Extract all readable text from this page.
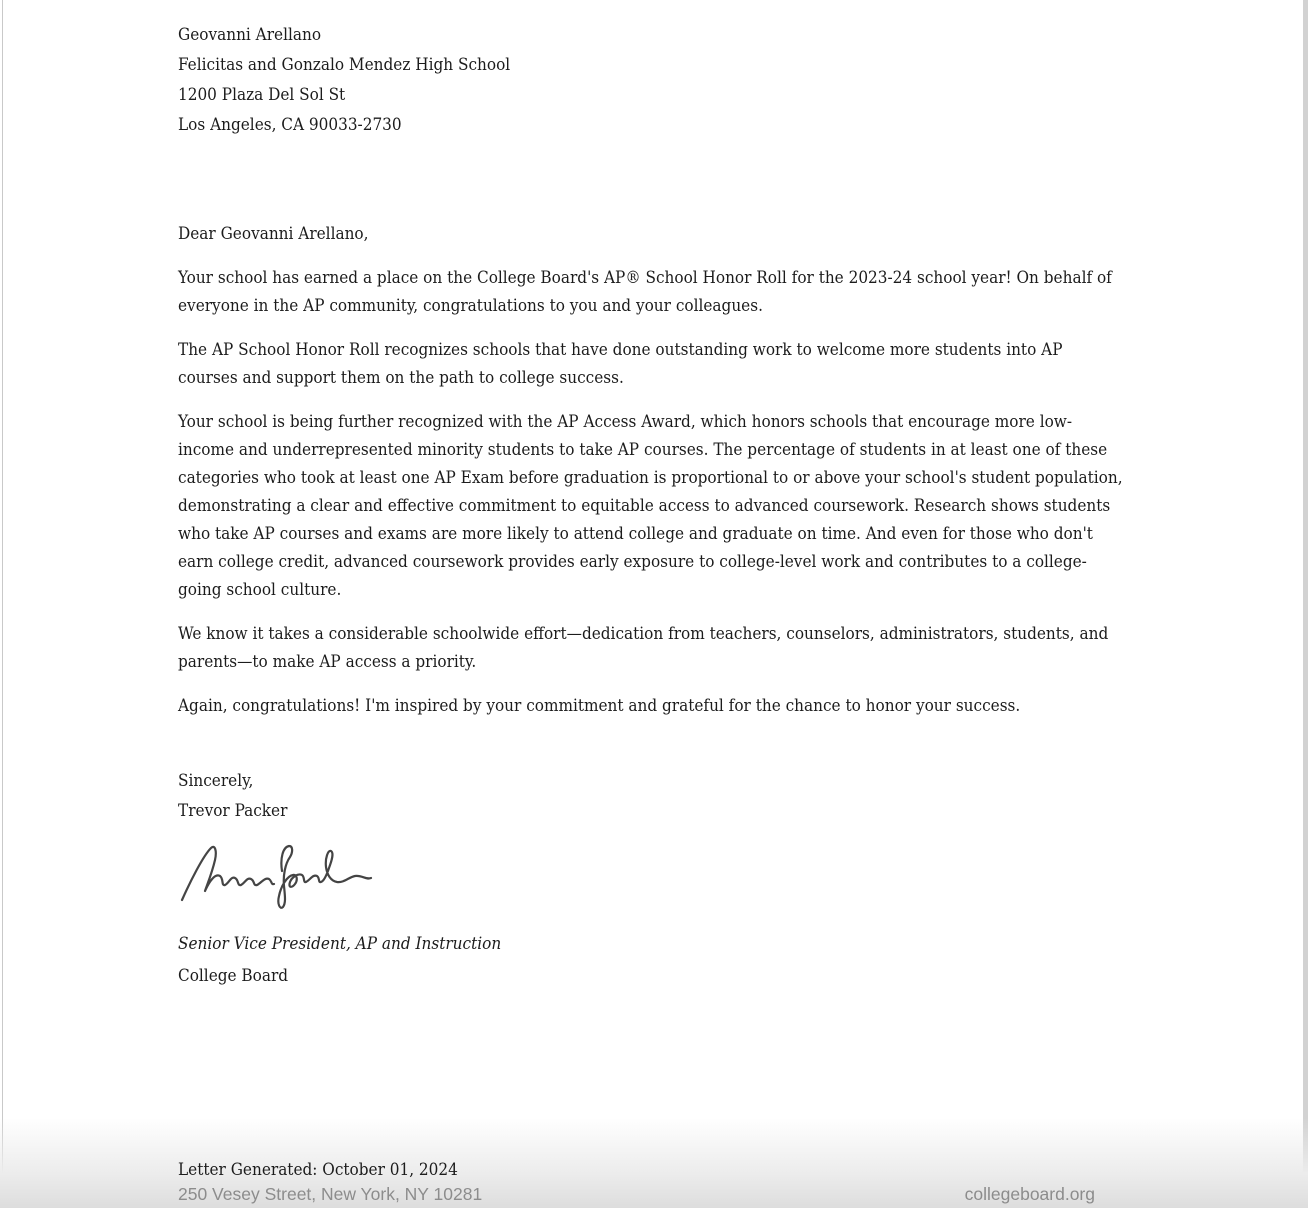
Geovanni Arellano
Felicitas and Gonzalo Mendez High School
1200 Plaza Del Sol St
Los Angeles, CA 90033-2730
Dear Geovanni Arellano,

Your school has earned a place on the College Board's AP® School Honor Roll for the 2023-24 school year! On behalf of everyone in the AP community, congratulations to you and your colleagues.

The AP School Honor Roll recognizes schools that have done outstanding work to welcome more students into AP courses and support them on the path to college success.

Your school is being further recognized with the AP Access Award, which honors schools that encourage more low-income and underrepresented minority students to take AP courses. The percentage of students in at least one of these categories who took at least one AP Exam before graduation is proportional to or above your school's student population, demonstrating a clear and effective commitment to equitable access to advanced coursework. Research shows students who take AP courses and exams are more likely to attend college and graduate on time. And even for those who don't earn college credit, advanced coursework provides early exposure to college-level work and contributes to a college-going school culture.

We know it takes a considerable schoolwide effort—dedication from teachers, counselors, administrators, students, and parents—to make AP access a priority.

Again, congratulations! I'm inspired by your commitment and grateful for the chance to honor your success.

Sincerely,
Trevor Packer
Senior Vice President, AP and Instruction
College Board
Letter Generated: October 01, 2024
250 Vesey Street, New York, NY 10281	collegeboard.org
